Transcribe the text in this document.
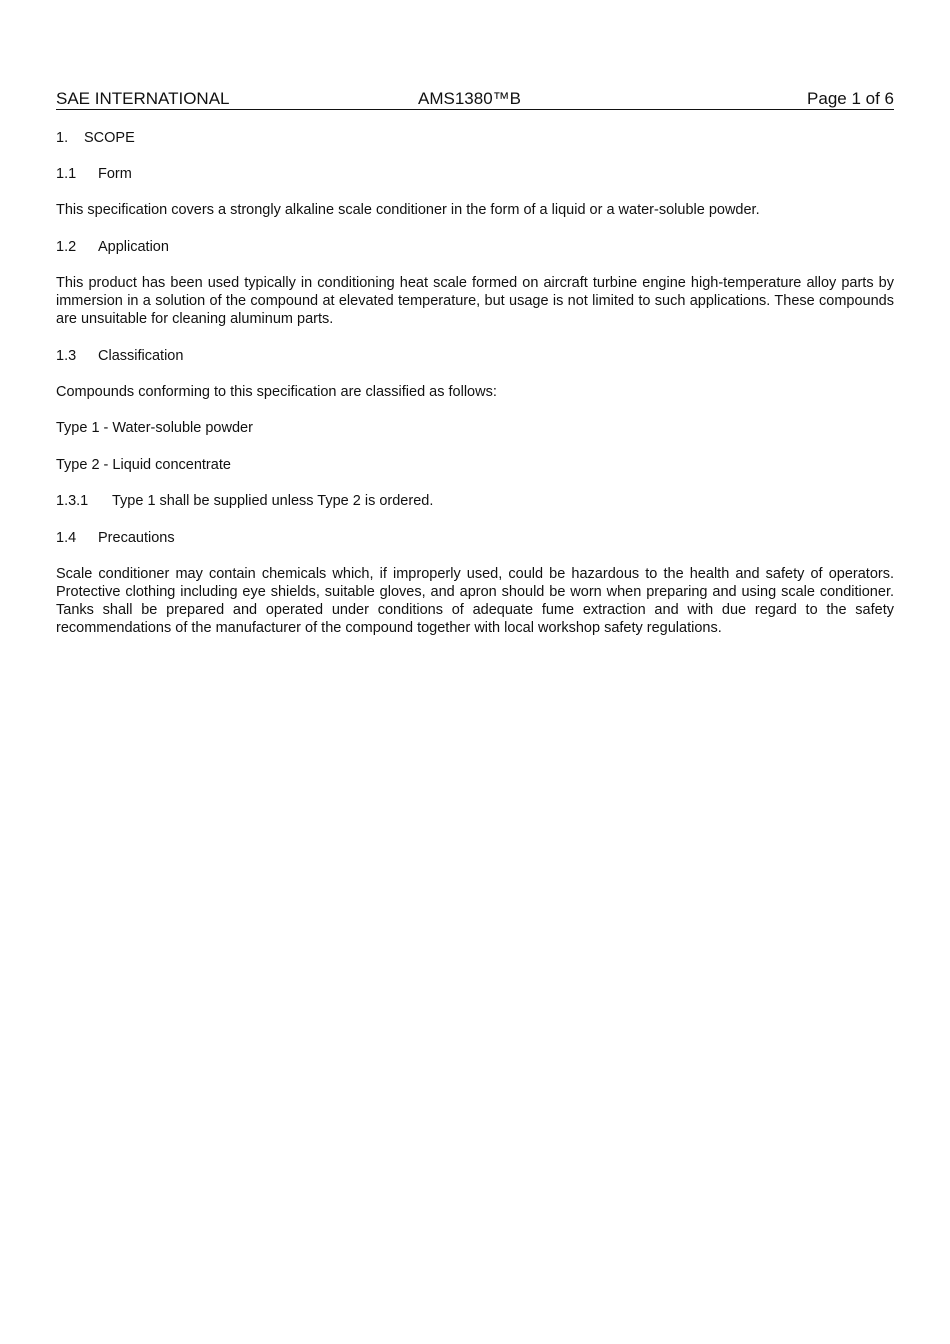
SAE INTERNATIONAL	AMS1380™B	Page 1 of 6
1. SCOPE
1.1 Form
This specification covers a strongly alkaline scale conditioner in the form of a liquid or a water-soluble powder.
1.2 Application
This product has been used typically in conditioning heat scale formed on aircraft turbine engine high-temperature alloy parts by immersion in a solution of the compound at elevated temperature, but usage is not limited to such applications. These compounds are unsuitable for cleaning aluminum parts.
1.3 Classification
Compounds conforming to this specification are classified as follows:
Type 1 - Water-soluble powder
Type 2 - Liquid concentrate
1.3.1 Type 1 shall be supplied unless Type 2 is ordered.
1.4 Precautions
Scale conditioner may contain chemicals which, if improperly used, could be hazardous to the health and safety of operators. Protective clothing including eye shields, suitable gloves, and apron should be worn when preparing and using scale conditioner. Tanks shall be prepared and operated under conditions of adequate fume extraction and with due regard to the safety recommendations of the manufacturer of the compound together with local workshop safety regulations.
